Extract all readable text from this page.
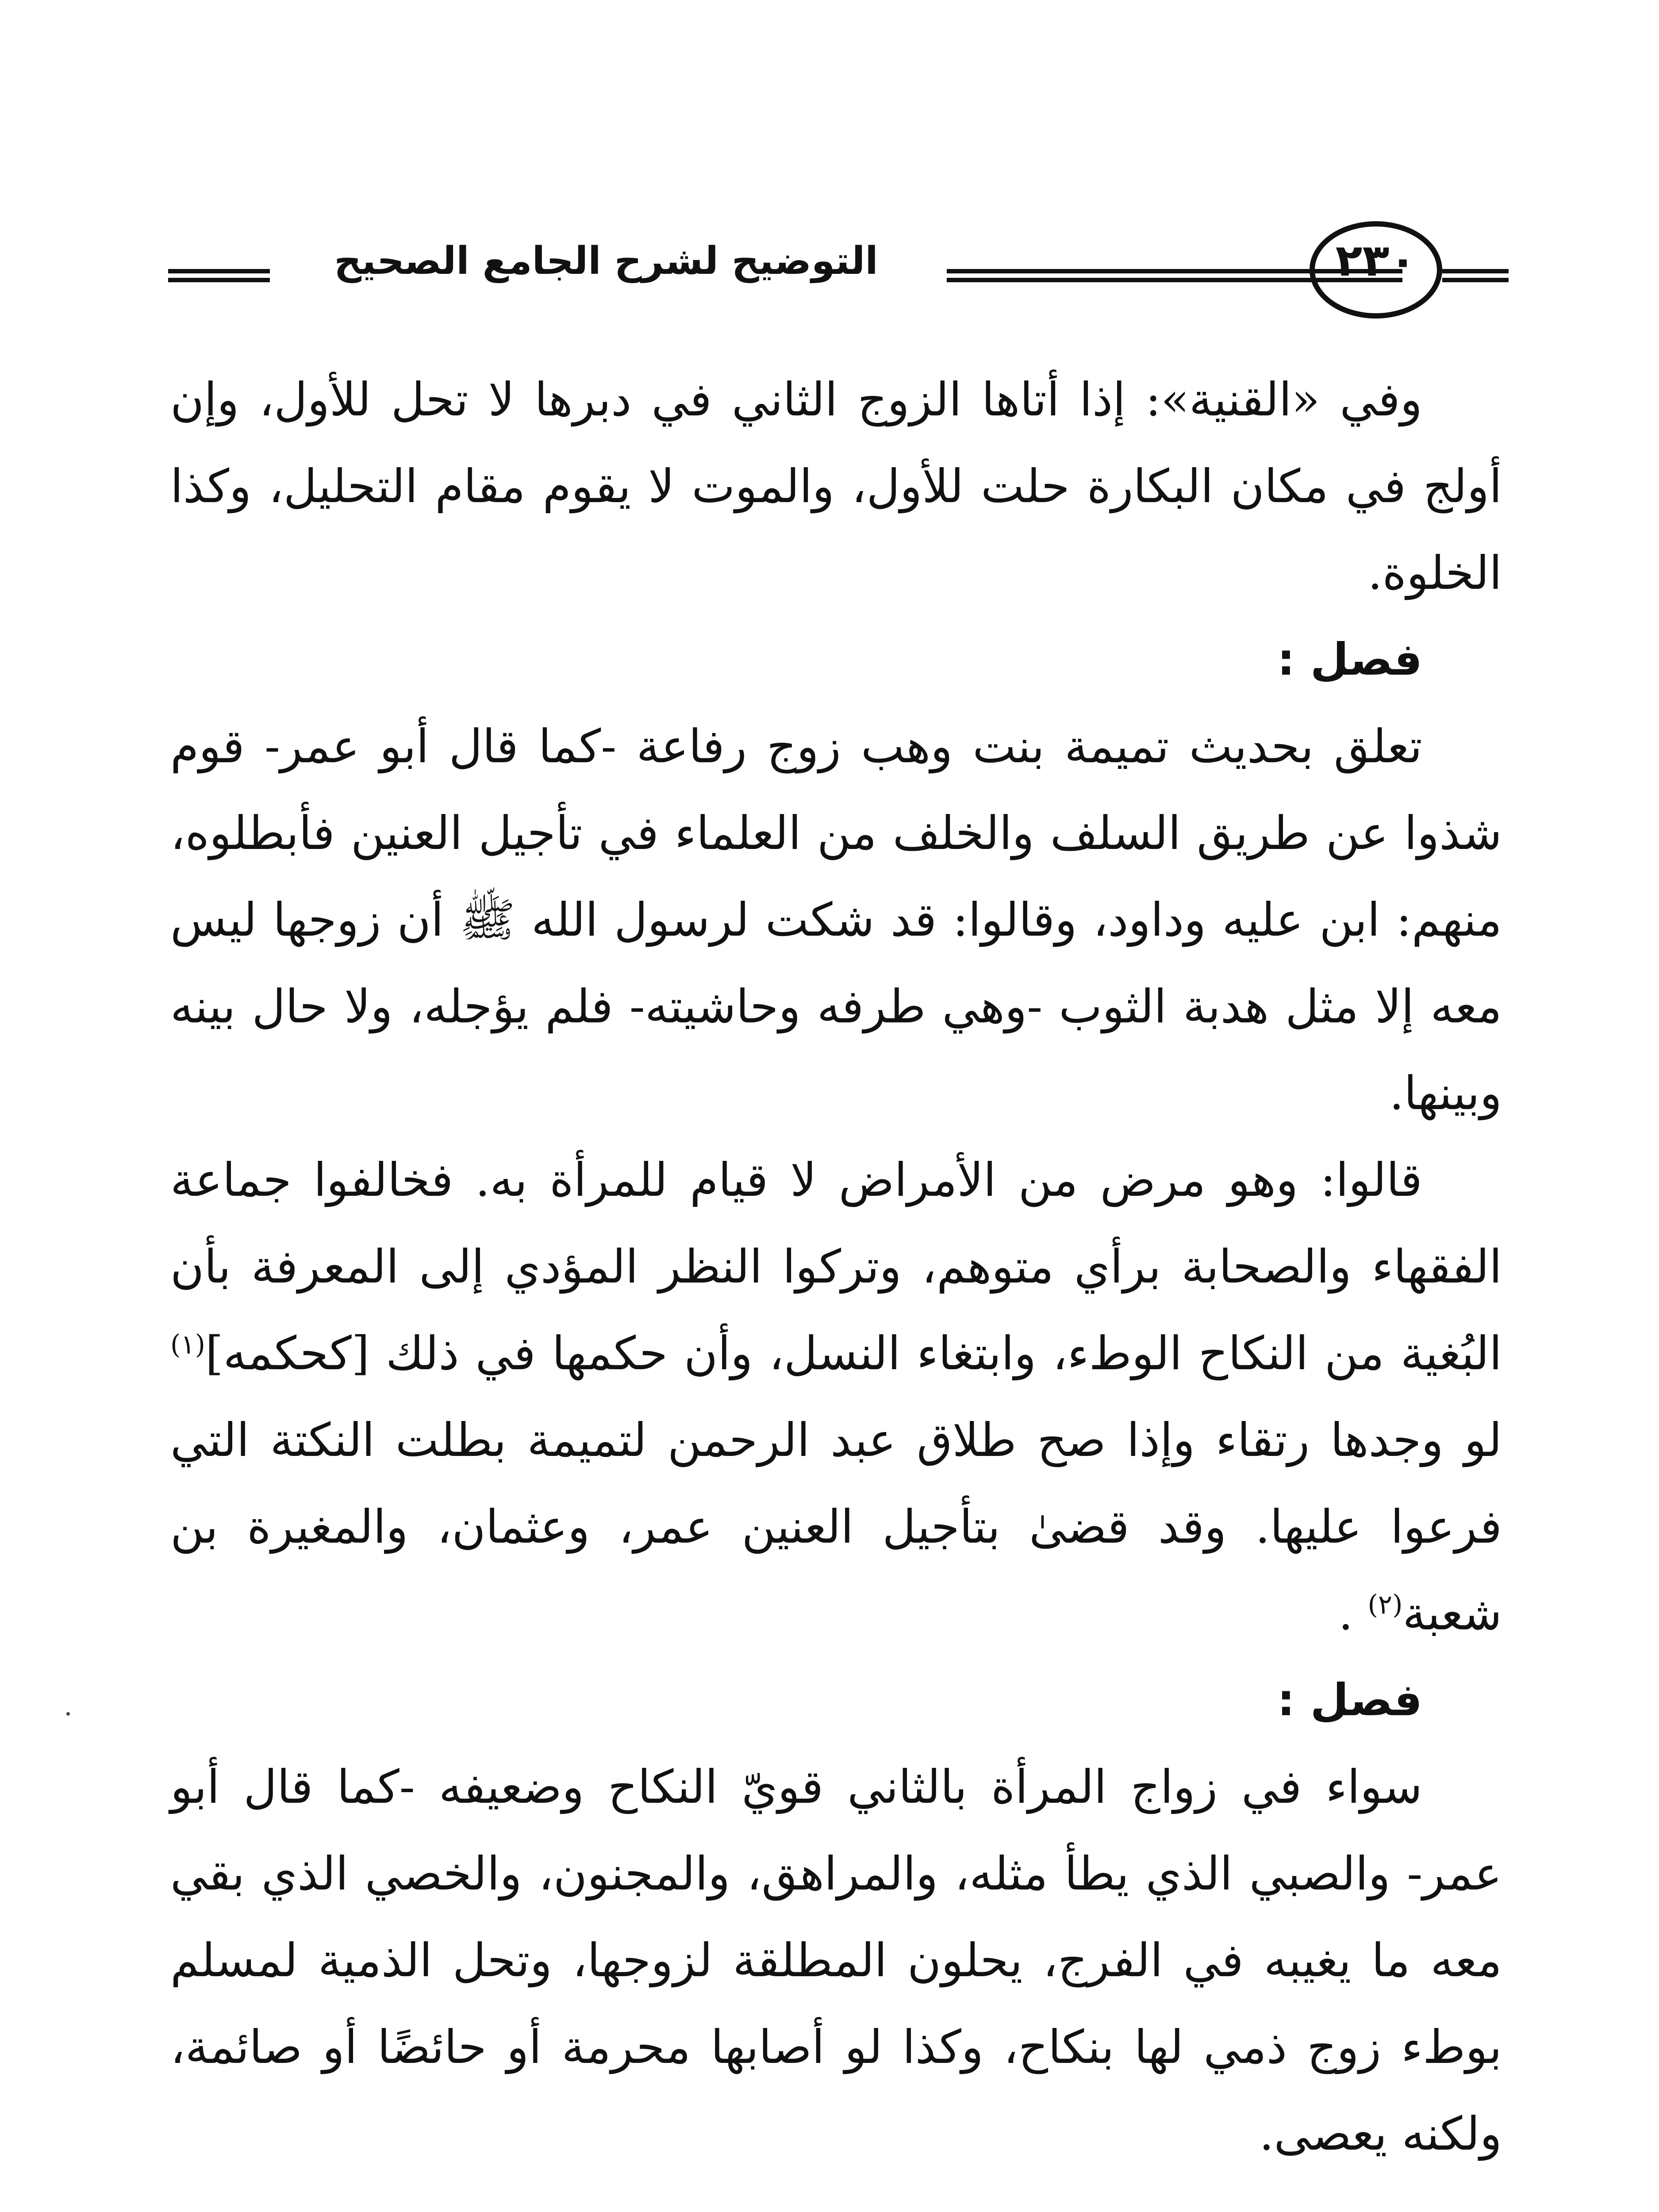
التوضيح لشرح الجامع الصحيح	٢٣٠

وفي «القنية»: إذا أتاها الزوج الثاني في دبرها لا تحل للأول، وإن أولج في مكان البكارة حلت للأول، والموت لا يقوم مقام التحليل، وكذا الخلوة.

فصل :

تعلق بحديث تميمة بنت وهب زوج رفاعة -كما قال أبو عمر- قوم شذوا عن طريق السلف والخلف من العلماء في تأجيل العنين فأبطلوه، منهم: ابن عليه وداود، وقالوا: قد شكت لرسول الله ﷺ أن زوجها ليس معه إلا مثل هدبة الثوب -وهي طرفه وحاشيته- فلم يؤجله، ولا حال بينه وبينها.

قالوا: وهو مرض من الأمراض لا قيام للمرأة به. فخالفوا جماعة الفقهاء والصحابة برأي متوهم، وتركوا النظر المؤدي إلى المعرفة بأن البُغية من النكاح الوطء، وابتغاء النسل، وأن حكمها في ذلك [كحكمه]$^{(١)}$ لو وجدها رتقاء وإذا صح طلاق عبد الرحمن لتميمة بطلت النكتة التي فرعوا عليها. وقد قضىٰ بتأجيل العنين عمر، وعثمان، والمغيرة بن شعبة$^{(٢)}$ .

فصل :

سواء في زواج المرأة بالثاني قويّ النكاح وضعيفه -كما قال أبو عمر- والصبي الذي يطأ مثله، والمراهق، والمجنون، والخصي الذي بقي معه ما يغيبه في الفرج، يحلون المطلقة لزوجها، وتحل الذمية لمسلم بوطء زوج ذمي لها بنكاح، وكذا لو أصابها محرمة أو حائضًا أو صائمة، ولكنه يعصى.
